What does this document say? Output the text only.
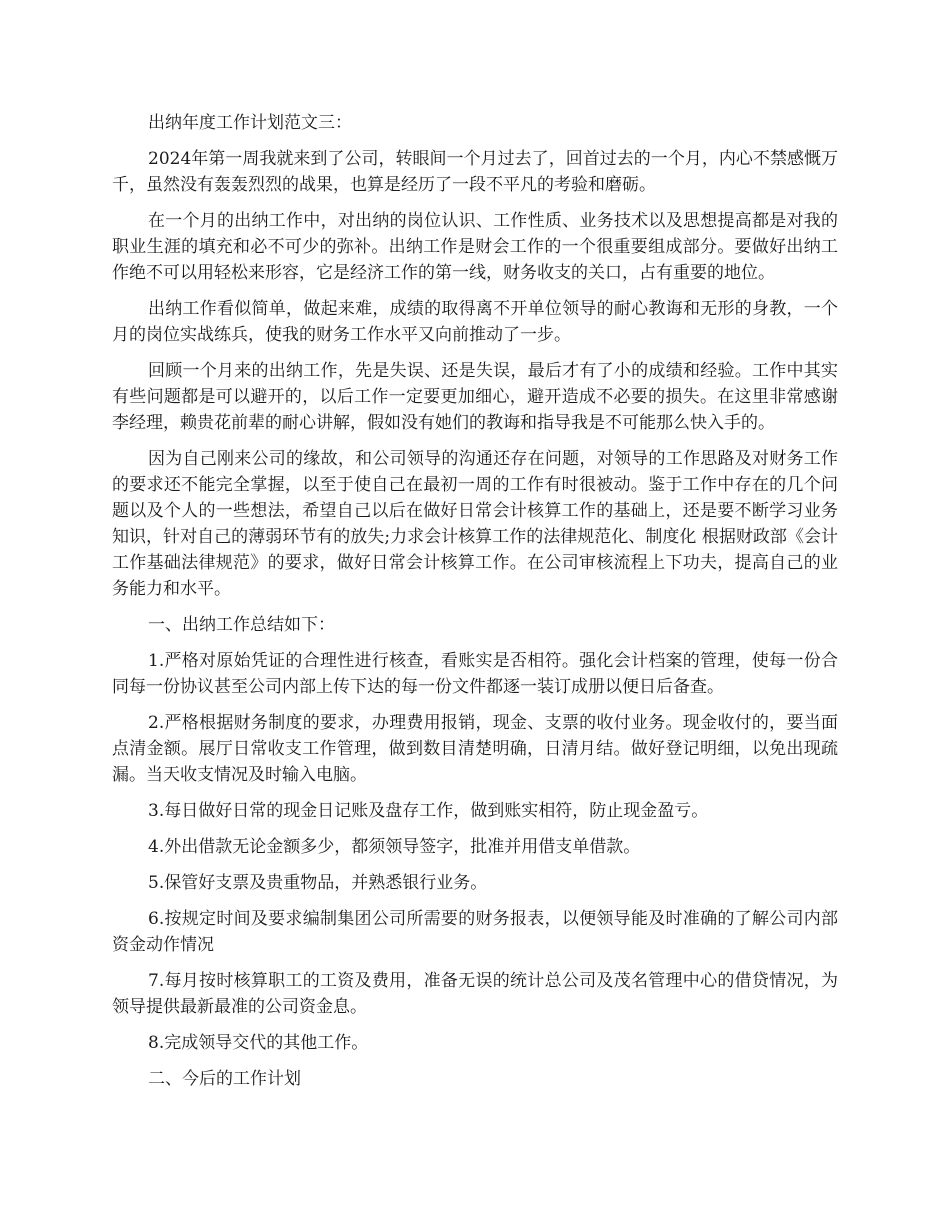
出纳年度工作计划范文三：

2024年第一周我就来到了公司，转眼间一个月过去了，回首过去的一个月，内心不禁感慨万千，虽然没有轰轰烈烈的战果，也算是经历了一段不平凡的考验和磨砺。

在一个月的出纳工作中，对出纳的岗位认识、工作性质、业务技术以及思想提高都是对我的职业生涯的填充和必不可少的弥补。出纳工作是财会工作的一个很重要组成部分。要做好出纳工作绝不可以用轻松来形容，它是经济工作的第一线，财务收支的关口，占有重要的地位。

出纳工作看似简单，做起来难，成绩的取得离不开单位领导的耐心教诲和无形的身教，一个月的岗位实战练兵，使我的财务工作水平又向前推动了一步。

回顾一个月来的出纳工作，先是失误、还是失误，最后才有了小的成绩和经验。工作中其实有些问题都是可以避开的，以后工作一定要更加细心，避开造成不必要的损失。在这里非常感谢李经理，赖贵花前辈的耐心讲解，假如没有她们的教诲和指导我是不可能那么快入手的。

因为自己刚来公司的缘故，和公司领导的沟通还存在问题，对领导的工作思路及对财务工作的要求还不能完全掌握，以至于使自己在最初一周的工作有时很被动。鉴于工作中存在的几个问题以及个人的一些想法，希望自己以后在做好日常会计核算工作的基础上，还是要不断学习业务知识，针对自己的薄弱环节有的放失;力求会计核算工作的法律规范化、制度化 根据财政部《会计工作基础法律规范》的要求，做好日常会计核算工作。在公司审核流程上下功夫，提高自己的业务能力和水平。

一、出纳工作总结如下：

1.严格对原始凭证的合理性进行核查，看账实是否相符。强化会计档案的管理，使每一份合同每一份协议甚至公司内部上传下达的每一份文件都逐一装订成册以便日后备查。

2.严格根据财务制度的要求，办理费用报销，现金、支票的收付业务。现金收付的，要当面点清金额。展厅日常收支工作管理，做到数目清楚明确，日清月结。做好登记明细，以免出现疏漏。当天收支情况及时输入电脑。

3.每日做好日常的现金日记账及盘存工作，做到账实相符，防止现金盈亏。

4.外出借款无论金额多少，都须领导签字，批准并用借支单借款。

5.保管好支票及贵重物品，并熟悉银行业务。

6.按规定时间及要求编制集团公司所需要的财务报表，以便领导能及时准确的了解公司内部资金动作情况

7.每月按时核算职工的工资及费用，准备无误的统计总公司及茂名管理中心的借贷情况，为领导提供最新最准的公司资金息。

8.完成领导交代的其他工作。

二、今后的工作计划
